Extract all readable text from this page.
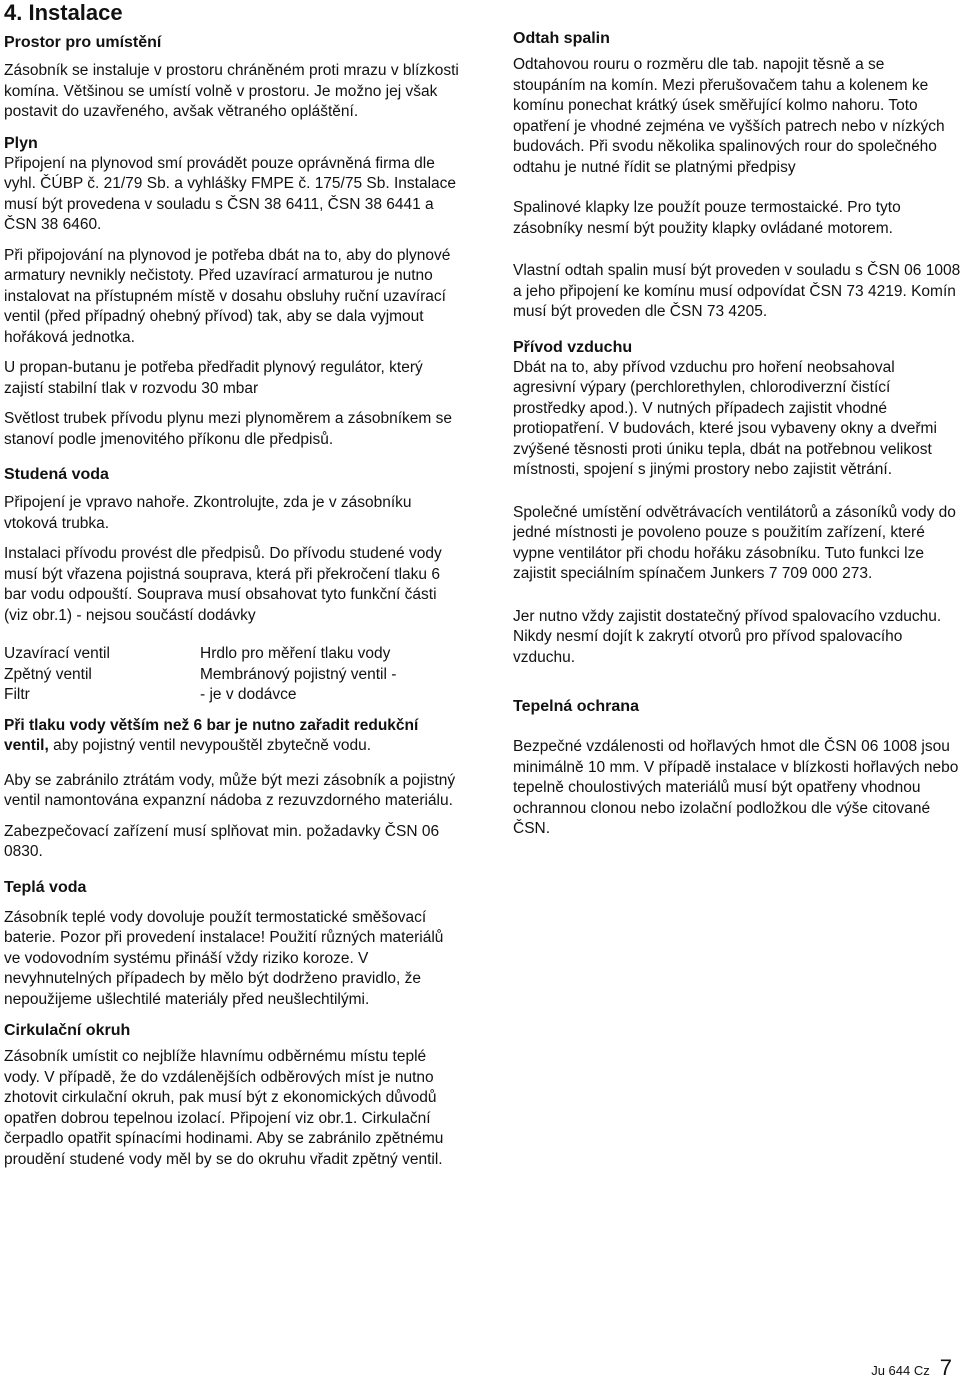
4. Instalace
Prostor pro umístění

Zásobník se instaluje v prostoru chráněném proti mrazu v blízkosti komína. Většinou se umístí volně v prostoru. Je možno jej však postavit do uzavřeného, avšak větraného opláštění.

Plyn

Připojení na plynovod smí provádět pouze oprávněná firma dle vyhl. ČÚBP č. 21/79 Sb. a vyhlášky FMPE č. 175/75 Sb. Instalace musí být provedena v souladu s ČSN 38 6411, ČSN 38 6441 a ČSN 38 6460.

Při připojování na plynovod je potřeba dbát na to, aby do plynové armatury nevnikly nečistoty. Před uzavírací armaturou je nutno instalovat na přístupném místě v dosahu obsluhy ruční uzavírací ventil (před případný ohebný přívod) tak, aby se dala vyjmout hořáková jednotka.

U propan-butanu je potřeba předřadit plynový regulátor, který zajistí stabilní tlak v rozvodu 30 mbar

Světlost trubek přívodu plynu mezi plynoměrem a zásobníkem se stanoví podle jmenovitého příkonu dle předpisů.

Studená voda

Připojení je vpravo nahoře. Zkontrolujte, zda je v zásobníku vtoková trubka.

Instalaci přívodu provést dle předpisů. Do přívodu studené vody musí být vřazena pojistná souprava, která při překročení tlaku 6 bar vodu odpouští. Souprava musí obsahovat tyto funkční části (viz obr.1) - nejsou součástí dodávky

Uzavírací ventil	Hrdlo pro měření tlaku vody
Zpětný ventil	Membránový pojistný ventil -
Filtr	- je v dodávce

Při tlaku vody větším než 6 bar je nutno zařadit redukční ventil, aby pojistný ventil nevypouštěl zbytečně vodu.

Aby se zabránilo ztrátám vody, může být mezi zásobník a pojistný ventil namontována expanzní nádoba z rezuvzdorného materiálu.

Zabezpečovací zařízení musí splňovat min. požadavky ČSN 06 0830.

Teplá voda

Zásobník teplé vody dovoluje použít termostatické směšovací baterie. Pozor při provedení instalace! Použití různých materiálů ve vodovodním systému přináší vždy riziko koroze. V nevyhnutelných případech by mělo být dodrženo pravidlo, že nepoužijeme ušlechtilé materiály před neušlechtilými.

Cirkulační okruh

Zásobník umístit co nejblíže hlavnímu odběrnému místu teplé vody. V případě, že do vzdálenějších odběrových míst je nutno zhotovit cirkulační okruh, pak musí být z ekonomických důvodů opatřen dobrou tepelnou izolací. Připojení viz obr.1. Cirkulační čerpadlo opatřit spínacími hodinami. Aby se zabránilo zpětnému proudění studené vody měl by se do okruhu vřadit zpětný ventil.

Odtah spalin

Odtahovou rouru o rozměru dle tab. napojit těsně a se stoupáním na komín. Mezi přerušovačem tahu a kolenem ke komínu ponechat krátký úsek směřující kolmo nahoru. Toto opatření je vhodné zejména ve vyšších patrech nebo v nízkých budovách. Při svodu několika spalinových rour do společného odtahu je nutné řídit se platnými předpisy

Spalinové klapky lze použít pouze termostaické. Pro tyto zásobníky nesmí být použity klapky ovládané motorem.

Vlastní odtah spalin musí být proveden v souladu s ČSN 06 1008 a jeho připojení ke komínu musí odpovídat ČSN 73 4219. Komín musí být proveden dle ČSN 73 4205.

Přívod vzduchu

Dbát na to, aby přívod vzduchu pro hoření neobsahoval agresivní výpary (perchlorethylen, chlorodiverzní čistící prostředky apod.). V nutných případech zajistit vhodné protiopatření. V budovách, které jsou vybaveny okny a dveřmi zvýšené těsnosti proti úniku tepla, dbát na potřebnou velikost místnosti, spojení s jinými prostory nebo zajistit větrání.

Společné umístění odvětrávacích ventilátorů a zásoníků vody do jedné místnosti je povoleno pouze s použitím zařízení, které vypne ventilátor při chodu hořáku zásobníku. Tuto funkci lze zajistit speciálním spínačem Junkers 7 709 000 273.

Jer nutno vždy zajistit dostatečný přívod spalovacího vzduchu. Nikdy nesmí dojít k zakrytí otvorů pro přívod spalovacího vzduchu.

Tepelná ochrana

Bezpečné vzdálenosti od hořlavých hmot dle ČSN 06 1008 jsou minimálně 10 mm. V případě instalace v blízkosti hořlavých nebo tepelně choulostivých materiálů musí být opatřeny vhodnou ochrannou clonou nebo izolační podložkou dle výše citované ČSN.

Ju 644 Cz 7
